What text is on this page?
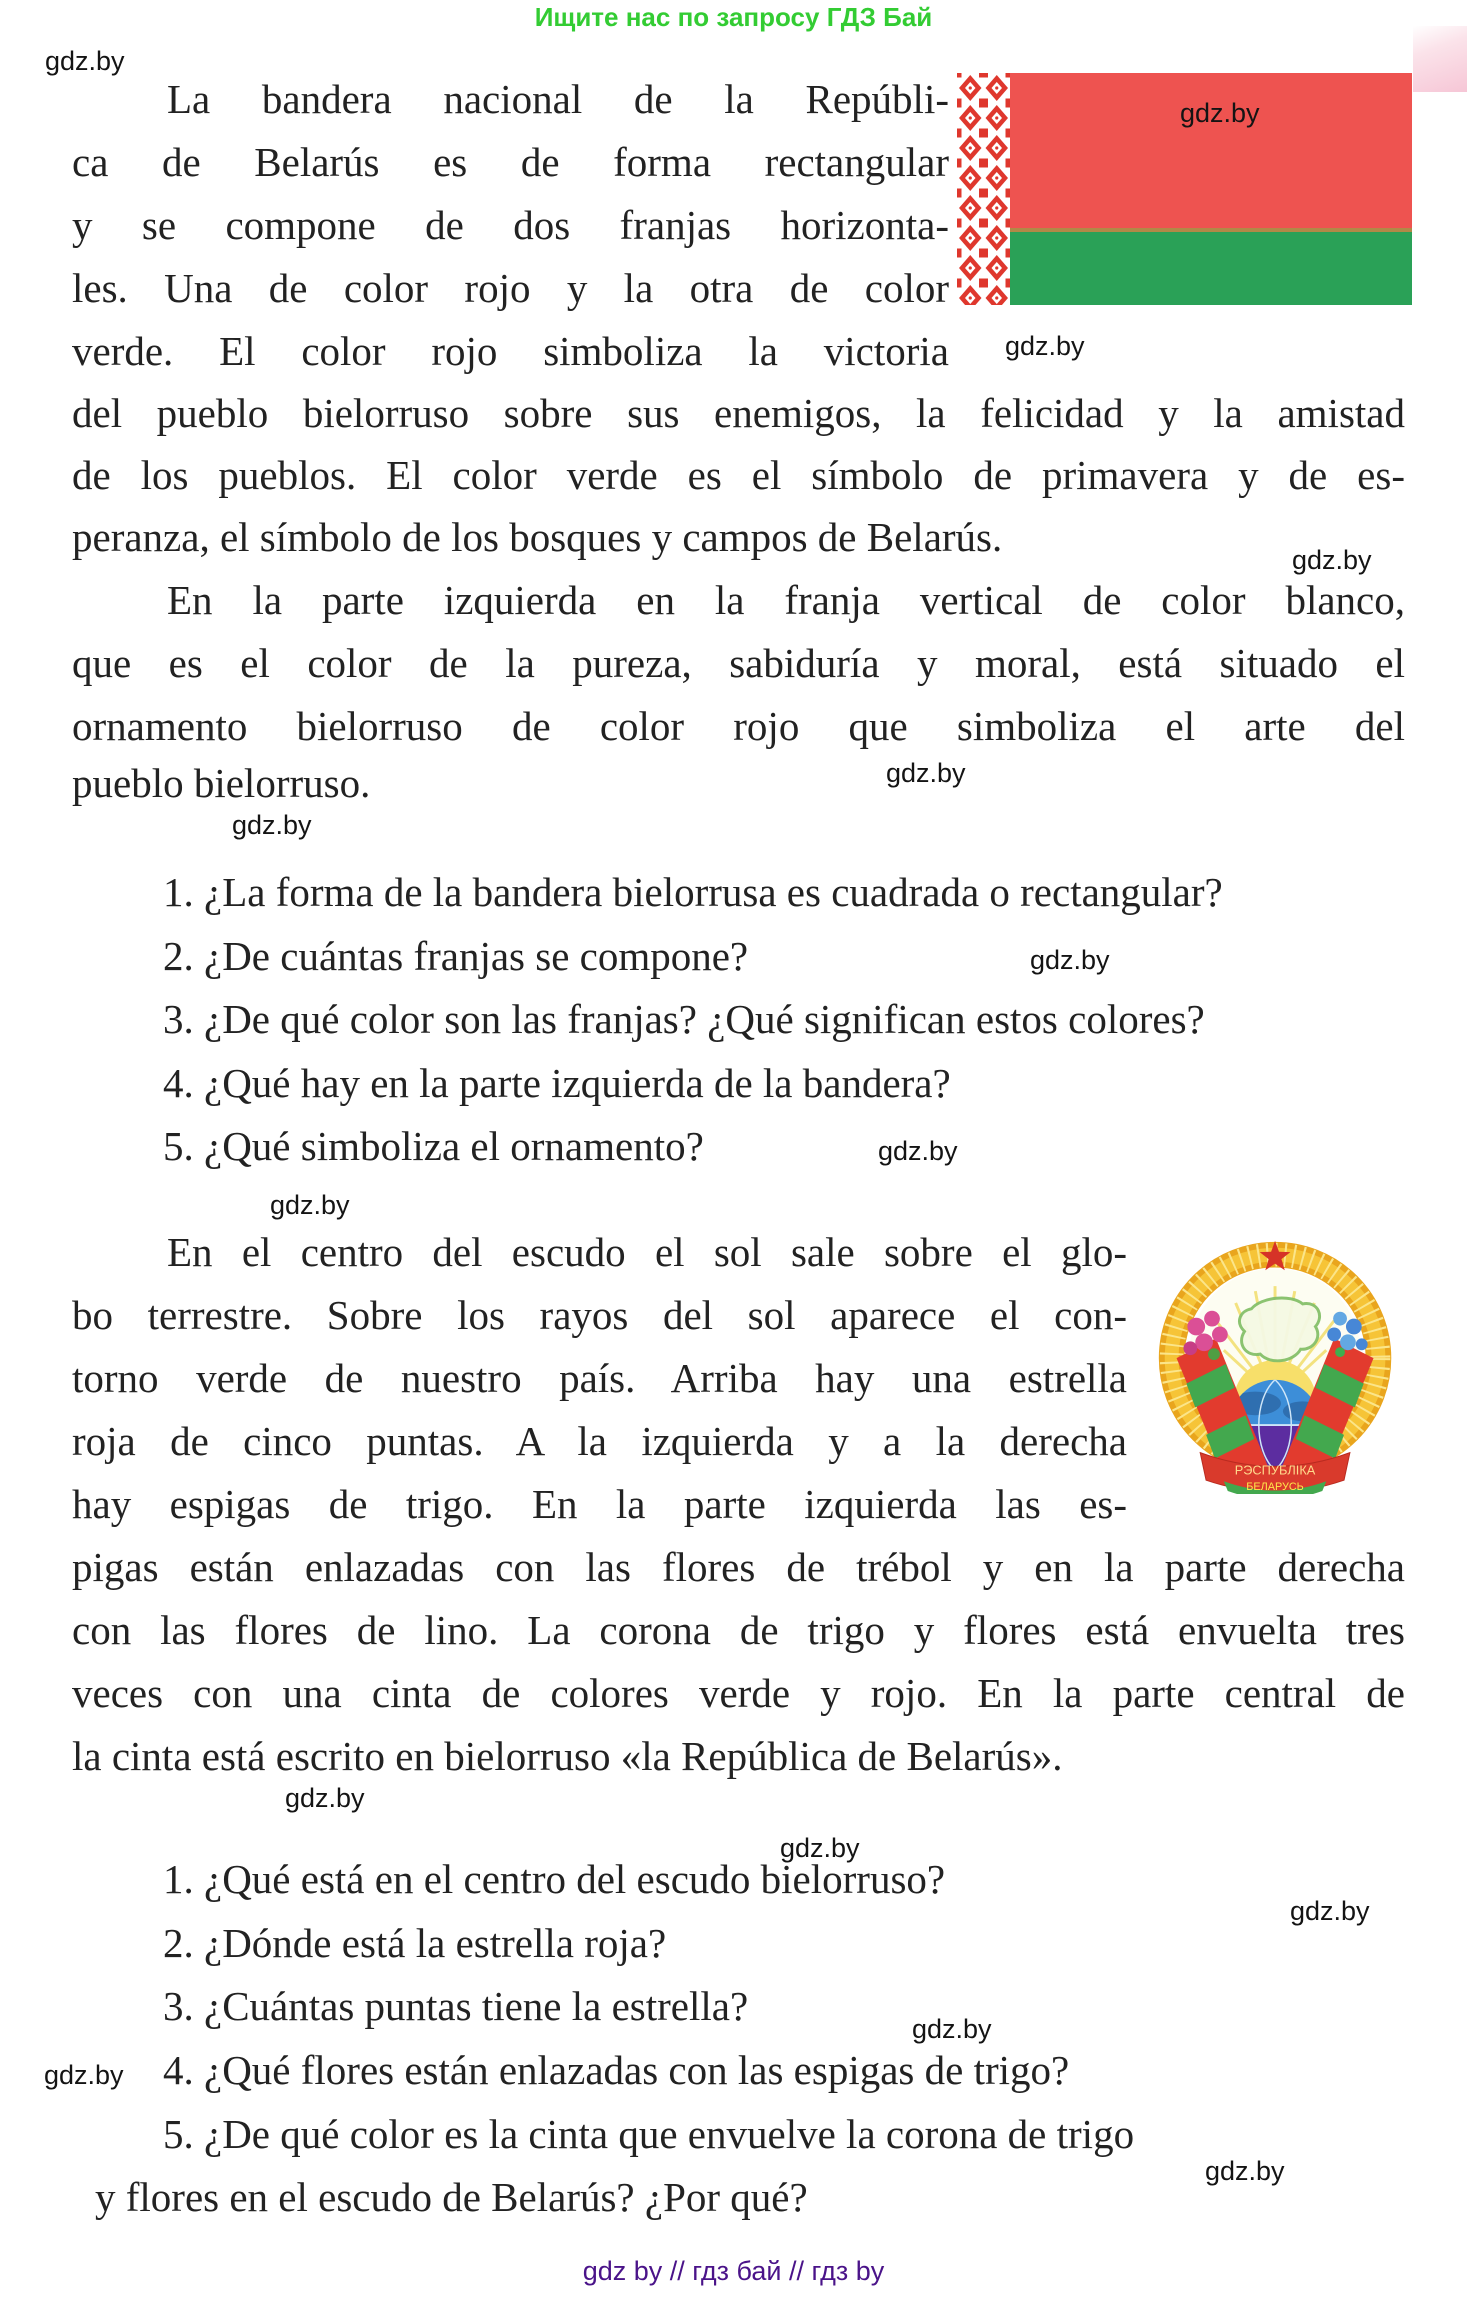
Ищите нас по запросу ГДЗ Бай
РЭСПУБЛІКА
БЕЛАРУСЬ
gdz by // гдз бай // гдз by
La bandera nacional de la Repúbli-
ca de Belarús es de forma rectangular
y se compone de dos franjas horizonta-
les. Una de color rojo y la otra de color
verde. El color rojo simboliza la victoria
del pueblo bielorruso sobre sus enemigos, la felicidad y la amistad
de los pueblos. El color verde es el símbolo de primavera y de es-
peranza, el símbolo de los bosques y campos de Belarús.
En la parte izquierda en la franja vertical de color blanco,
que es el color de la pureza, sabiduría y moral, está situado el
ornamento bielorruso de color rojo que simboliza el arte del
pueblo bielorruso.
En el centro del escudo el sol sale sobre el glo-
bo terrestre. Sobre los rayos del sol aparece el con-
torno verde de nuestro país. Arriba hay una estrella
roja de cinco puntas. A la izquierda y a la derecha
hay espigas de trigo. En la parte izquierda las es-
pigas están enlazadas con las flores de trébol y en la parte derecha
con las flores de lino. La corona de trigo y flores está envuelta tres
veces con una cinta de colores verde y rojo. En la parte central de
la cinta está escrito en bielorruso «la República de Belarús».
1. ¿La forma de la bandera bielorrusa es cuadrada o rectangular?
2. ¿De cuántas franjas se compone?
3. ¿De qué color son las franjas? ¿Qué significan estos colores?
4. ¿Qué hay en la parte izquierda de la bandera?
5. ¿Qué simboliza el ornamento?
1. ¿Qué está en el centro del escudo bielorruso?
2. ¿Dónde está la estrella roja?
3. ¿Cuántas puntas tiene la estrella?
4. ¿Qué flores están enlazadas con las espigas de trigo?
5. ¿De qué color es la cinta que envuelve la corona de trigo
y flores en el escudo de Belarús? ¿Por qué?
gdz.by
gdz.by
gdz.by
gdz.by
gdz.by
gdz.by
gdz.by
gdz.by
gdz.by
gdz.by
gdz.by
gdz.by
gdz.by
gdz.by
gdz.by
